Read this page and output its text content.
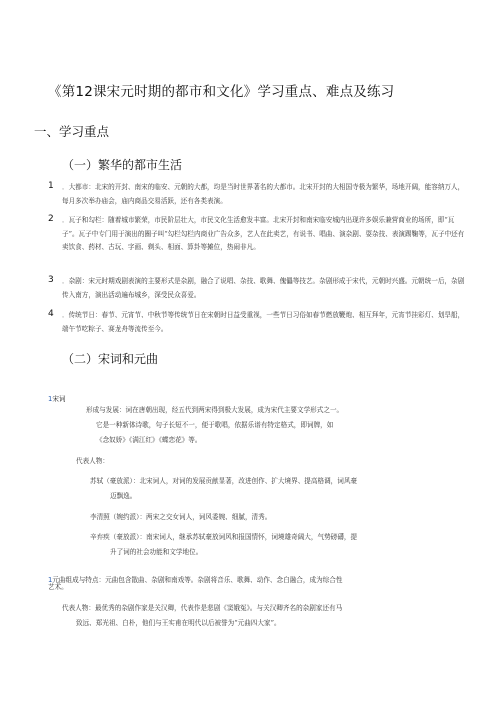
《第12课宋元时期的都市和文化》学习重点、难点及练习
一、学习重点
（一）繁华的都市生活
1 ．大都市：北宋的开封、南宋的临安、元朝的大都，均是当时世界著名的大都市。北宋开封的大相国寺极为繁华，场地开阔，能容纳万人，每月多次举办庙会，庙内商品交易活跃，还有各类表演。
2 ．瓦子和勾栏：随着城市繁荣，市民阶层壮大，市民文化生活愈发丰富。北宋开封和南宋临安城内出现许多娱乐兼营商业的场所，即“瓦子”。瓦子中专门用于演出的圈子叫“勾栏勾栏内商业广告众多，艺人在此卖艺，有说书、唱曲、演杂剧、耍杂技、表演踢鞠等，瓦子中还有卖饮食、药材、古玩、字画、剃头、相面、算卦等摊位，热闹非凡。
3 ．杂剧：宋元时期戏剧表演的主要形式是杂剧，融合了说唱、杂技、歌舞、傀儡等技艺。杂剧形成于宋代，元朝时兴盛。元朝统一后，杂剧传入南方，演出活动遍布城乡，深受民众喜爱。
4 ．传统节日：春节、元宵节、中秋节等传统节日在宋朝时日益受重视，一些节日习俗如春节燃放鞭炮、相互拜年，元宵节挂彩灯、划旱船，端午节吃粽子、赛龙舟等流传至今。
（二）宋词和元曲
1宋词
形成与发展：词在唐朝出现，经五代到两宋得到极大发展，成为宋代主要文学形式之一。
它是一种新体诗歌，句子长短不一，便于歌唱，依据乐谱有特定格式，即词牌，如
《念奴娇》《满江红》《蝶恋花》等。
代表人物：
苏轼（豪放派）：北宋词人，对词的发展贡献显著，改进创作、扩大境界、提高格调，词风豪
迈飘逸。
李清照（婉约派）：两宋之交女词人，词风委婉、细腻，清秀。
辛弃疾（豪放派）：南宋词人，继承苏轼豪放词风和报国情怀，词境雄奇阔大，气势磅礴，提
升了词的社会功能和文学地位。
1元曲组成与特点：元曲包含散曲、杂剧和南戏等。杂剧将音乐、歌舞、动作、念白融合，成为综合性
艺术。
代表人物：最优秀的杂剧作家是关汉卿，代表作是悲剧《窦娥冤》。与关汉卿齐名的杂剧家还有马
致远、郑光祖、白朴，他们与王实甫在明代以后被誉为“元曲四大家”。
